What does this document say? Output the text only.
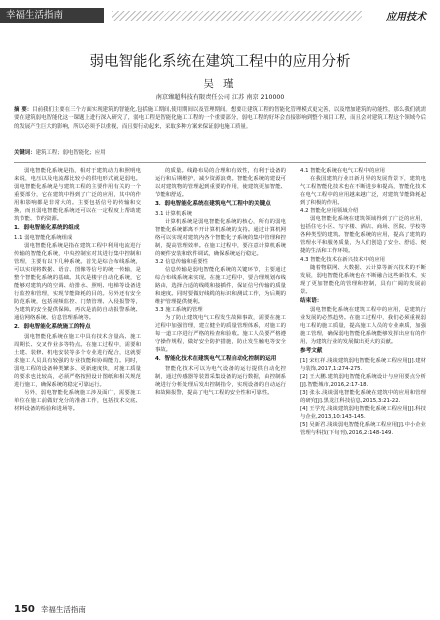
幸福生活指南	应用技术
弱电智能化系统在建筑工程中的应用分析
吴 瑾
南京臻超科技有限责任公司 江苏 南京 210000
摘 要：目前我们主要在三个方面实现建筑的智能化,包括施工期间,使用期间以及管理期间。想要让建筑工程的智能化管理模式更完善，以及增加建筑的功能性，那么我们就需要在建筑弱电智能化这一课题上进行深入研究了，弱电工程是智能化施工工程的一个重要部分，弱电工程的好坏会直接影响到整个项目工程，而且会对建筑工程这个领域今后的发展产生巨大的影响，所以必须予以重视，而且要行动起来，采取多种方案来保证弱电施工质量。
关键词：建筑工程；弱电智能化；应用

弱电智能化系统是指，相对于建筑动力和照明电来说，电压以及电流都比较小的供电形式就是弱电。弱电智能化系统是与建筑工程的主要作用有关的一个重要部分，它在建筑中得到了广泛的应用，其中的作用和影响都是非常大的。主要包括信号的传输和交换，而且弱电智能化系统还可以在一定程度上帮助建筑节能、节约资源。

1．弱电智能化系统的组成
1.1 弱电智能化系统组成

弱电智能化系统是指在建筑工程中利用电流进行传输的智能化系统，中央控制室对其进行集中控制和管理，主要有以下几种系统。首先是综合布线系统，可以实现将数据、语音、图像等信号的统一传输，是整个智能化系统的基础。其次是楼宇自动化系统，它能够对建筑内的空调、给排水、照明、电梯等设备进行监控和管理，实现节能降耗的目的。另外还有安全防范系统，包括视频监控、门禁管理、入侵报警等，为建筑的安全提供保障。再次是消防自动报警系统、通信网络系统、信息管理系统等。

2．弱电智能化系统施工的特点

弱电智能化系统在施工中具有技术含量高、施工周期长、交叉作业多等特点。在施工过程中，需要和土建、装修、机电安装等多个专业进行配合，这就要求施工人员具有较强的专业技能和协调能力。同时，弱电工程的设备种类繁多、更新速度快，对施工质量的要求也比较高，必须严格按照设计图纸和相关规范进行施工，确保系统的稳定可靠运行。

另外，弱电智能化系统施工涉及面广，需要施工单位在施工前做好充分的准备工作，包括技术交底、材料设备的检验和进场等。

的质量。线路布局的合理和有效性，有利于设备的运行和后期维护，减少资源浪费。智能化系统的建设可以对建筑物的管理起到重要的作用，使建筑更加智能、节能和舒适。

3．弱电智能化系统在建筑电气工程中的关键点
3.1 计算机系统

计算机系统是弱电智能化系统的核心，所有的弱电智能化系统都离不开计算机系统的支持。通过计算机网络可以实现对建筑内各个智能化子系统的集中管理和控制，提高管理效率。在施工过程中，要注意计算机系统的硬件安装和软件调试，确保系统运行稳定。

3.2 信息传输和重要性

信息传输是弱电智能化系统的关键环节，主要通过综合布线系统来实现。在施工过程中，要合理规划布线路由，选择合适的线缆和接插件，保证信号传输的质量和速度。同时要做好线缆的标识和测试工作，为后期的维护管理提供便利。

3.3 施工系统的管理

为了防止建筑电气工程发生故障事故，需要在施工过程中加强管理，建立健全的质量管理体系，对施工的每一道工序进行严格的检查和验收。施工人员要严格遵守操作规程，做好安全防护措施，防止发生触电等安全事故。

4．智能化技术在建筑电气工程自动化控制的运用

智能化技术可以为电气设备的运行提供自动化控制，通过传感器等装置采集设备的运行数据，由控制系统进行分析处理后发出控制指令，实现设备的自动运行和故障报警，提高了电气工程的安全性和可靠性。

4.1 智能化系统在电气工程中的应用

在我国建筑行业日新月异的发展背景下，建筑电气工程智能化技术也在不断进步和提高，智能化技术在电气工程中的应用越来越广泛，对建筑节能降耗起到了积极的作用。

4.2 智能化应用领域介绍

弱电智能化系统在建筑领域得到了广泛的应用，包括住宅小区、写字楼、酒店、商场、医院、学校等各种类型的建筑。智能化系统的应用，提高了建筑的管理水平和服务质量，为人们创造了安全、舒适、便捷的生活和工作环境。

4.3 智能化技术在新兴技术中的应用

随着物联网、大数据、云计算等新兴技术的不断发展，弱电智能化系统也在不断融合这些新技术，实现了更加智能化的管理和控制，具有广阔的发展前景。

结束语：

弱电智能化系统在建筑工程中的应用，是建筑行业发展的必然趋势。在施工过程中，我们必须重视弱电工程的施工质量，提高施工人员的专业素质，加强施工管理，确保弱电智能化系统能够发挥出应有的作用，为建筑行业的发展做出更大的贡献。

参考文献

[1] 宋红祥.浅谈建筑弱电智能化系统工程应用[J].建材与装饰,2017,1:274-275.

[2] 王大鹏.建筑弱电智能化系统设计与应用要点分析[J].智能城市,2016,2:17-18.

[3] 张永.浅谈弱电智能化系统在建筑中的应用和管理的研究[J].黑龙江科技信息,2015,3:21-22.

[4] 王学光.浅谈建筑弱电智能化系统工程应用[J].科技与企业,2013,10:143-145.

[5] 吴新君.浅谈弱电智能化系统工程应用[J].中小企业管理与科技(下旬刊),2016,2:148-149.

150 幸福生活指南
